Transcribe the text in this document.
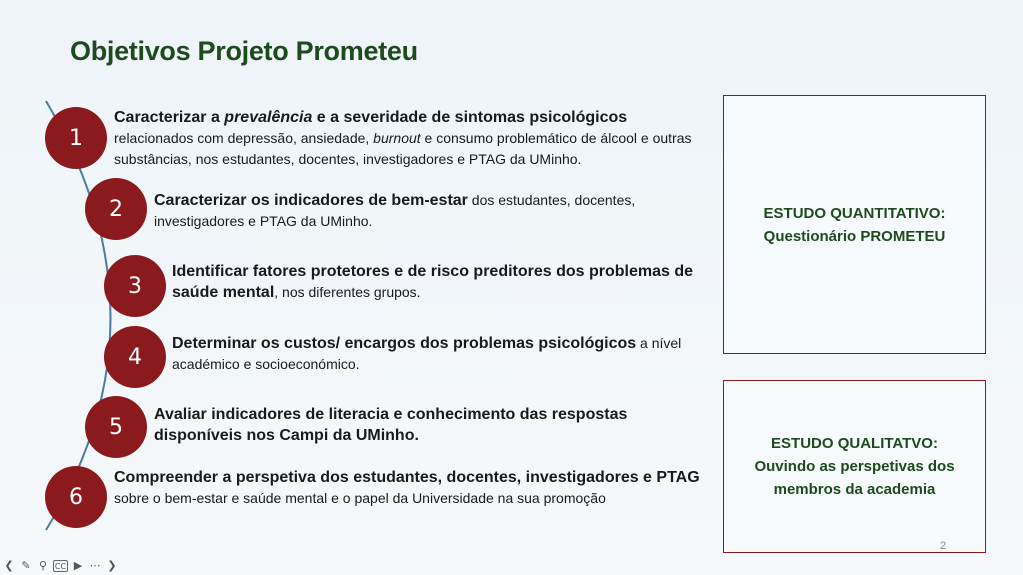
Objetivos Projeto Prometeu
1
Caracterizar a prevalência e a severidade de sintomas psicológicos
relacionados com depressão, ansiedade, burnout e consumo problemático de álcool e outras substâncias, nos estudantes, docentes, investigadores e PTAG da UMinho.
2	Caracterizar os indicadores de bem-estar dos estudantes, docentes, investigadores e PTAG da UMinho.
3
Identificar fatores protetores e de risco preditores dos problemas de saúde mental, nos diferentes grupos.
4
Determinar os custos/ encargos dos problemas psicológicos a nível académico e socioeconómico.
5	Avaliar indicadores de literacia e conhecimento das respostas disponíveis nos Campi da UMinho.
6
Compreender a perspetiva dos estudantes, docentes, investigadores e PTAG sobre o bem-estar e saúde mental e o papel da Universidade na sua promoção
ESTUDO QUANTITATIVO:
Questionário PROMETEU
ESTUDO QUALITATVO:
Ouvindo as perspetivas dos
membros da academia
2
❮ ✎ ⚲ CC ▶ ⋯ ❯
